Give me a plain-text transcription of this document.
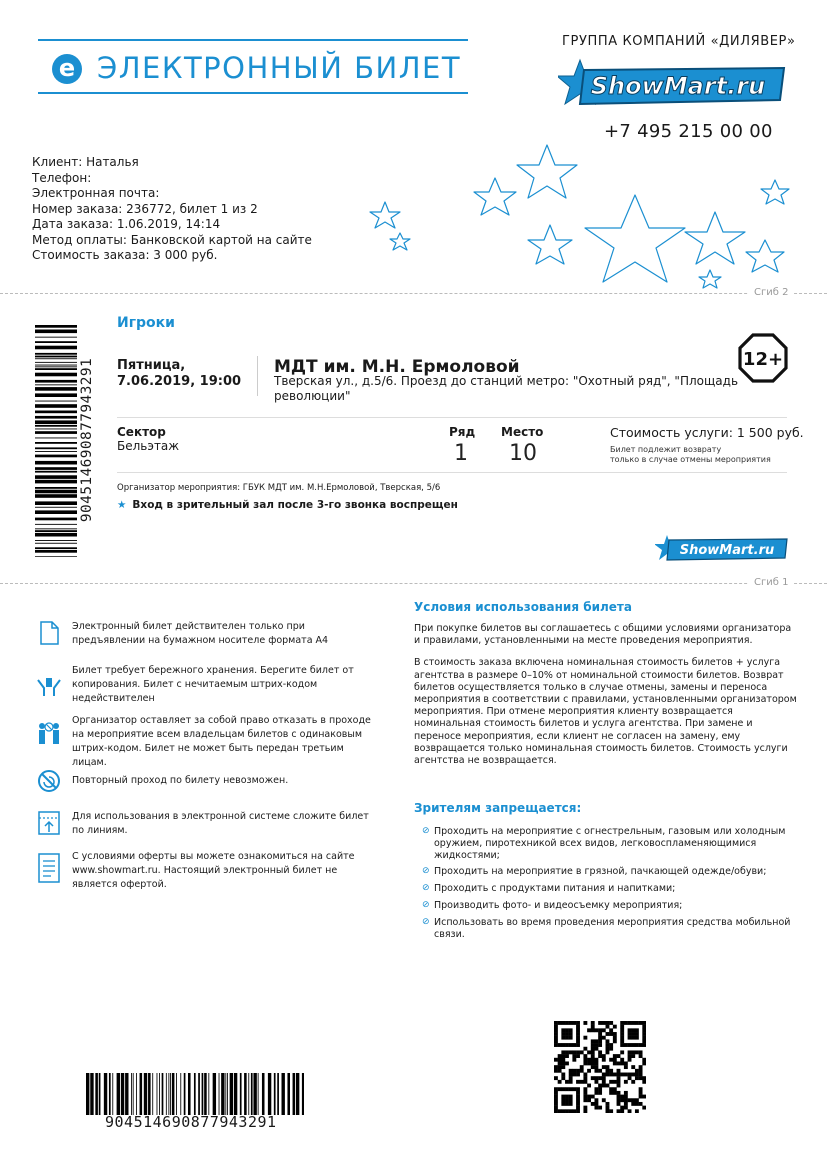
e ЭЛЕКТРОННЫЙ БИЛЕТ
ГРУППА КОМПАНИЙ «ДИЛЯВЕР»
ShowMart.ru
+7 495 215 00 00
Клиент: Наталья
Телефон:
Электронная почта:
Номер заказа: 236772, билет 1 из 2
Дата заказа: 1.06.2019, 14:14
Метод оплаты: Банковской картой на сайте
Стоимость заказа: 3 000 руб.
Сгиб 2
904514690877943291
Игроки
12+
Пятница,
7.06.2019, 19:00
МДТ им. М.Н. Ермоловой
Тверская ул., д.5/6. Проезд до станций метро: "Охотный ряд", "Площадь революции"
Сектор
Бельэтаж
Ряд
1
Место
10
Стоимость услуги: 1 500 руб.
Билет подлежит возврату
только в случае отмены мероприятия
Организатор мероприятия: ГБУК МДТ им. М.Н.Ермоловой, Тверская, 5/6
★ Вход в зрительный зал после 3-го звонка воспрещен
ShowMart.ru
Сгиб 1
Электронный билет действителен только при предъявлении на бумажном носителе формата А4
Билет требует бережного хранения. Берегите билет от копирования. Билет с нечитаемым штрих-кодом недействителен
Организатор оставляет за собой право отказать в проходе на мероприятие всем владельцам билетов с одинаковым штрих-кодом. Билет не может быть передан третьим лицам.
Повторный проход по билету невозможен.
Для использования в электронной системе сложите билет по линиям.
С условиями оферты вы можете ознакомиться на сайте www.showmart.ru. Настоящий электронный билет не является офертой.
Условия использования билета

При покупке билетов вы соглашаетесь с общими условиями организатора и правилами, установленными на месте проведения мероприятия.

В стоимость заказа включена номинальная стоимость билетов + услуга агентства в размере 0–10% от номинальной стоимости билетов. Возврат билетов осуществляется только в случае отмены, замены и переноса мероприятия в соответствии с правилами, установленными организатором мероприятия. При отмене мероприятия клиенту возвращается номинальная стоимость билетов и услуга агентства. При замене и переносе мероприятия, если клиент не согласен на замену, ему возвращается только номинальная стоимость билетов. Стоимость услуги агентства не возвращается.

Зрителям запрещается:
⊘ Проходить на мероприятие с огнестрельным, газовым или холодным оружием, пиротехникой всех видов, легковоспламеняющимися жидкостями;
⊘ Проходить на мероприятие в грязной, пачкающей одежде/обуви;
⊘ Проходить с продуктами питания и напитками;
⊘ Производить фото- и видеосъемку мероприятия;
⊘ Использовать во время проведения мероприятия средства мобильной связи.
904514690877943291
